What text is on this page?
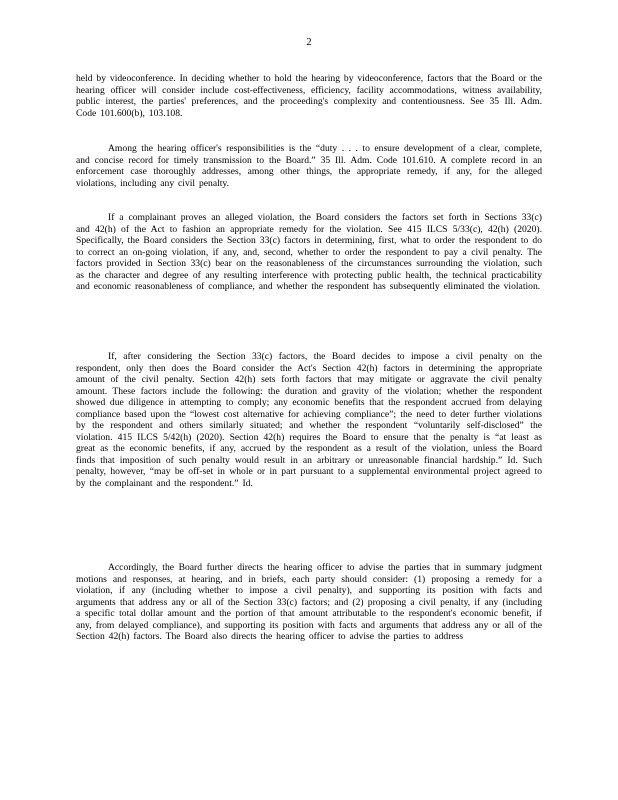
2

held by videoconference. In deciding whether to hold the hearing by videoconference, factors that the Board or the hearing officer will consider include cost-effectiveness, efficiency, facility accommodations, witness availability, public interest, the parties' preferences, and the proceeding's complexity and contentiousness. See 35 Ill. Adm. Code 101.600(b), 103.108.

Among the hearing officer's responsibilities is the “duty . . . to ensure development of a clear, complete, and concise record for timely transmission to the Board.” 35 Ill. Adm. Code 101.610. A complete record in an enforcement case thoroughly addresses, among other things, the appropriate remedy, if any, for the alleged violations, including any civil penalty.

If a complainant proves an alleged violation, the Board considers the factors set forth in Sections 33(c) and 42(h) of the Act to fashion an appropriate remedy for the violation. See 415 ILCS 5/33(c), 42(h) (2020). Specifically, the Board considers the Section 33(c) factors in determining, first, what to order the respondent to do to correct an on-going violation, if any, and, second, whether to order the respondent to pay a civil penalty. The factors provided in Section 33(c) bear on the reasonableness of the circumstances surrounding the violation, such as the character and degree of any resulting interference with protecting public health, the technical practicability and economic reasonableness of compliance, and whether the respondent has subsequently eliminated the violation.

If, after considering the Section 33(c) factors, the Board decides to impose a civil penalty on the respondent, only then does the Board consider the Act's Section 42(h) factors in determining the appropriate amount of the civil penalty. Section 42(h) sets forth factors that may mitigate or aggravate the civil penalty amount. These factors include the following: the duration and gravity of the violation; whether the respondent showed due diligence in attempting to comply; any economic benefits that the respondent accrued from delaying compliance based upon the “lowest cost alternative for achieving compliance”; the need to deter further violations by the respondent and others similarly situated; and whether the respondent “voluntarily self-disclosed” the violation. 415 ILCS 5/42(h) (2020). Section 42(h) requires the Board to ensure that the penalty is “at least as great as the economic benefits, if any, accrued by the respondent as a result of the violation, unless the Board finds that imposition of such penalty would result in an arbitrary or unreasonable financial hardship.” Id. Such penalty, however, “may be off-set in whole or in part pursuant to a supplemental environmental project agreed to by the complainant and the respondent.” Id.

Accordingly, the Board further directs the hearing officer to advise the parties that in summary judgment motions and responses, at hearing, and in briefs, each party should consider: (1) proposing a remedy for a violation, if any (including whether to impose a civil penalty), and supporting its position with facts and arguments that address any or all of the Section 33(c) factors; and (2) proposing a civil penalty, if any (including a specific total dollar amount and the portion of that amount attributable to the respondent's economic benefit, if any, from delayed compliance), and supporting its position with facts and arguments that address any or all of the Section 42(h) factors. The Board also directs the hearing officer to advise the parties to address
